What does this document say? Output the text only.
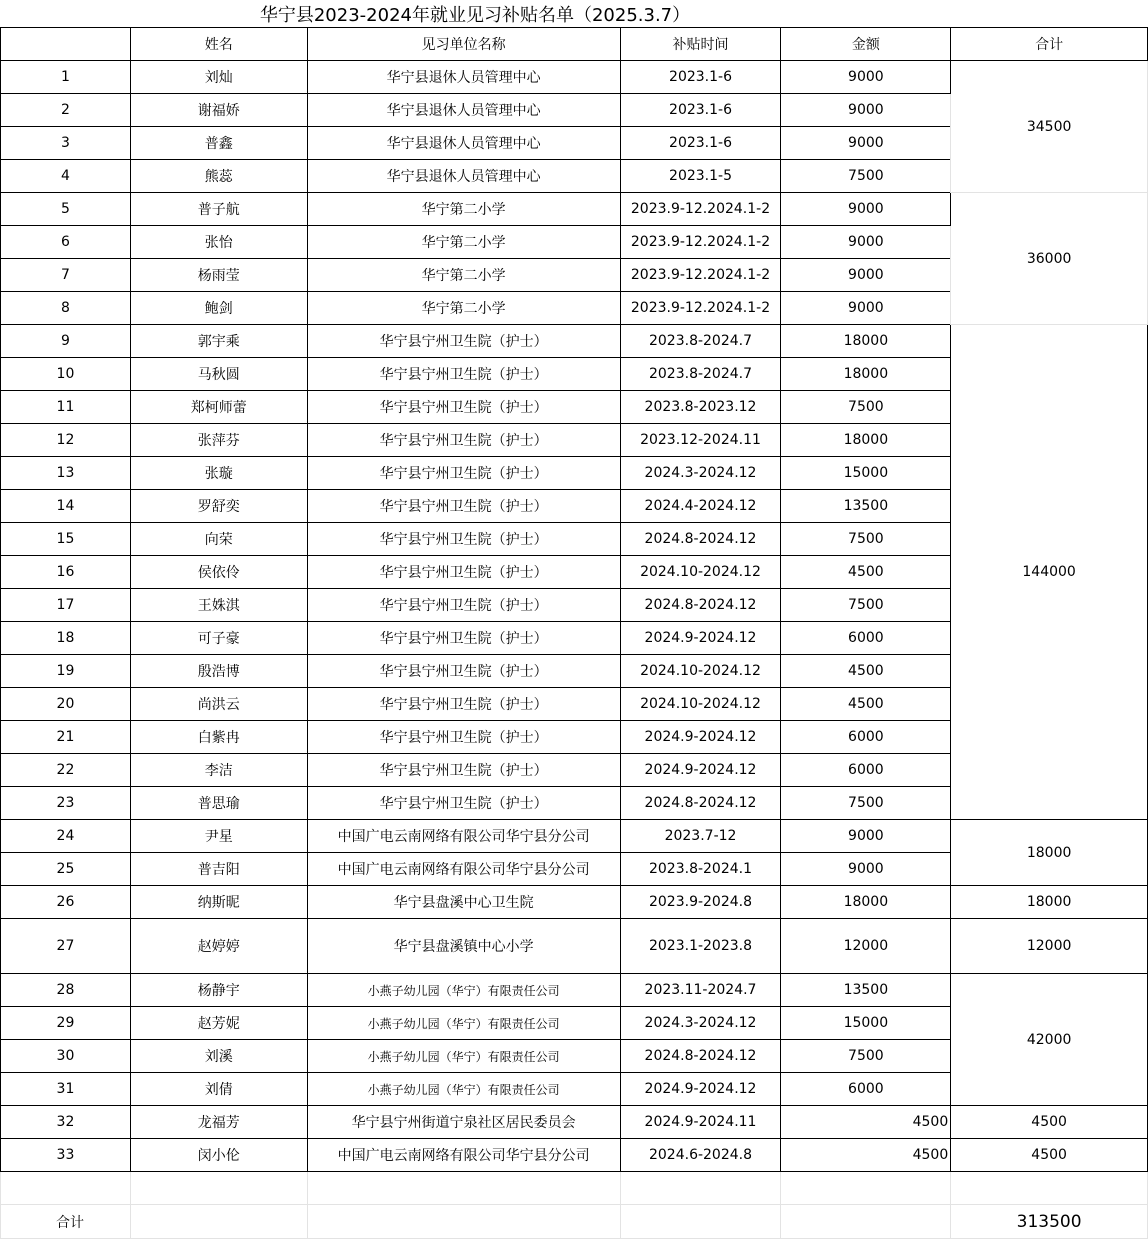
华宁县2023-2024年就业见习补贴名单（2025.3.7）
	姓名	见习单位名称	补贴时间	金额	合计
1	刘灿	华宁县退休人员管理中心	2023.1-6	9000	34500
2	谢福娇	华宁县退休人员管理中心	2023.1-6	9000	
3	普鑫	华宁县退休人员管理中心	2023.1-6	9000	
4	熊蕊	华宁县退休人员管理中心	2023.1-5	7500	
5	普子航	华宁第二小学	2023.9-12.2024.1-2	9000	36000
6	张怡	华宁第二小学	2023.9-12.2024.1-2	9000	
7	杨雨莹	华宁第二小学	2023.9-12.2024.1-2	9000	
8	鲍剑	华宁第二小学	2023.9-12.2024.1-2	9000	
9	郭宇乘	华宁县宁州卫生院（护士）	2023.8-2024.7	18000	144000
10	马秋圆	华宁县宁州卫生院（护士）	2023.8-2024.7	18000	
11	郑柯师蕾	华宁县宁州卫生院（护士）	2023.8-2023.12	7500	
12	张萍芬	华宁县宁州卫生院（护士）	2023.12-2024.11	18000	
13	张璇	华宁县宁州卫生院（护士）	2024.3-2024.12	15000	
14	罗舒奕	华宁县宁州卫生院（护士）	2024.4-2024.12	13500	
15	向荣	华宁县宁州卫生院（护士）	2024.8-2024.12	7500	
16	侯依伶	华宁县宁州卫生院（护士）	2024.10-2024.12	4500	
17	王姝淇	华宁县宁州卫生院（护士）	2024.8-2024.12	7500	
18	可子豪	华宁县宁州卫生院（护士）	2024.9-2024.12	6000	
19	殷浩博	华宁县宁州卫生院（护士）	2024.10-2024.12	4500	
20	尚洪云	华宁县宁州卫生院（护士）	2024.10-2024.12	4500	
21	白紫冉	华宁县宁州卫生院（护士）	2024.9-2024.12	6000	
22	李洁	华宁县宁州卫生院（护士）	2024.9-2024.12	6000	
23	普思瑜	华宁县宁州卫生院（护士）	2024.8-2024.12	7500	
24	尹星	中国广电云南网络有限公司华宁县分公司	2023.7-12	9000	18000
25	普吉阳	中国广电云南网络有限公司华宁县分公司	2023.8-2024.1	9000	
26	纳斯昵	华宁县盘溪中心卫生院	2023.9-2024.8	18000	18000
27	赵婷婷	华宁县盘溪镇中心小学	2023.1-2023.8	12000	12000
28	杨静宇	小燕子幼儿园（华宁）有限责任公司	2023.11-2024.7	13500	42000
29	赵芳妮	小燕子幼儿园（华宁）有限责任公司	2024.3-2024.12	15000	
30	刘溪	小燕子幼儿园（华宁）有限责任公司	2024.8-2024.12	7500	
31	刘倩	小燕子幼儿园（华宁）有限责任公司	2024.9-2024.12	6000	
32	龙福芳	华宁县宁州街道宁泉社区居民委员会	2024.9-2024.11	4500	4500
33	闵小伦	中国广电云南网络有限公司华宁县分公司	2024.6-2024.8	4500	4500

合计					313500
